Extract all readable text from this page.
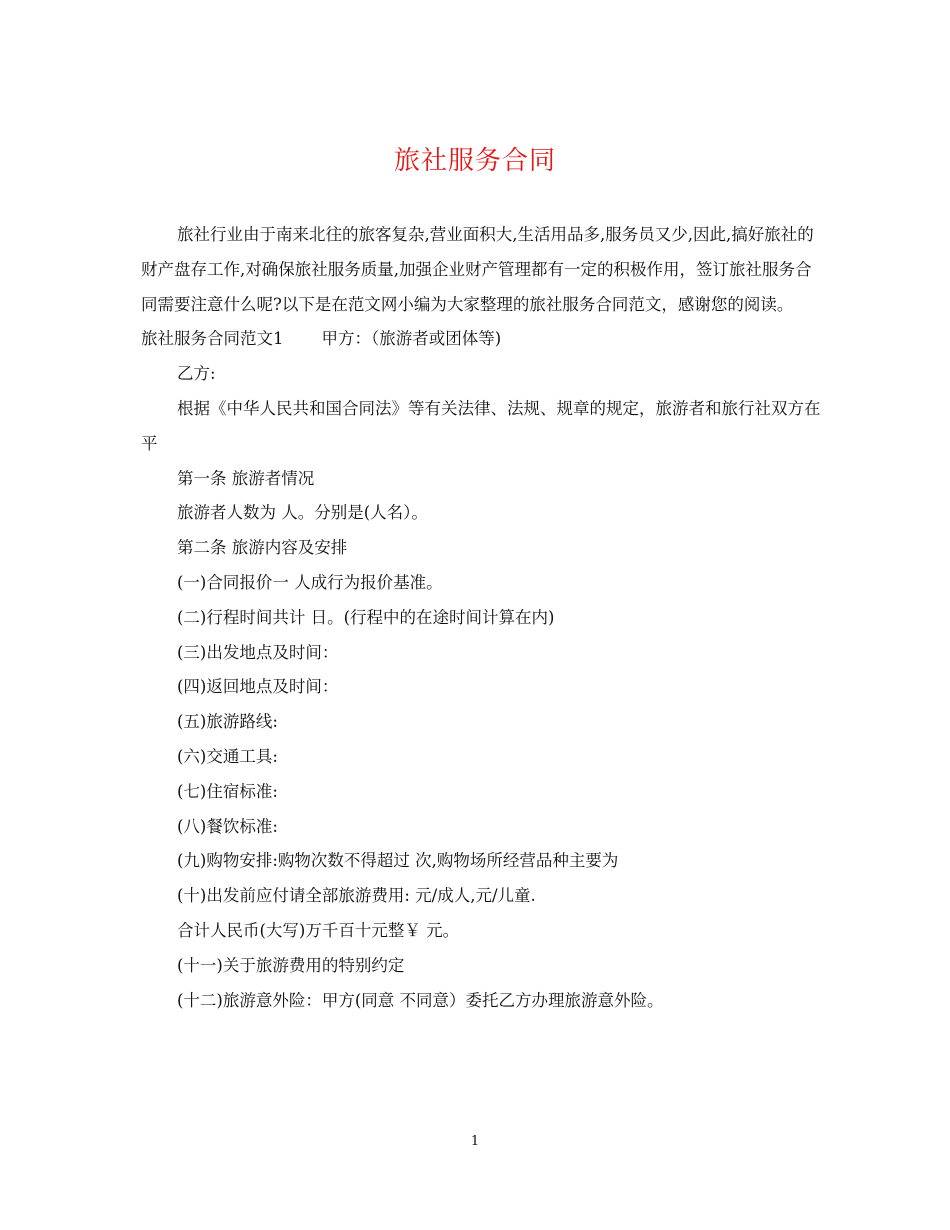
旅社服务合同

旅社行业由于南来北往的旅客复杂,营业面积大,生活用品多,服务员又少,因此,搞好旅社的财产盘存工作,对确保旅社服务质量,加强企业财产管理都有一定的积极作用，签订旅社服务合同需要注意什么呢?以下是在范文网小编为大家整理的旅社服务合同范文，感谢您的阅读。

旅社服务合同范文1 甲方：（旅游者或团体等)

乙方:

根据《中华人民共和国合同法》等有关法律、法规、规章的规定，旅游者和旅行社双方在平

第一条 旅游者情况

旅游者人数为 人。分别是(人名）。

第二条 旅游内容及安排

(一)合同报价一 人成行为报价基准。

(二)行程时间共计 日。(行程中的在途时间计算在内)

(三)出发地点及时间：

(四)返回地点及时间：

(五)旅游路线:

(六)交通工具:

(七)住宿标准:

(八)餐饮标准:

(九)购物安排:购物次数不得超过 次,购物场所经营品种主要为

(十)出发前应付请全部旅游费用: 元/成人,元/儿童.

合计人民币(大写)万千百十元整￥ 元。

(十一)关于旅游费用的特别约定

(十二)旅游意外险：甲方(同意 不同意）委托乙方办理旅游意外险。

1
